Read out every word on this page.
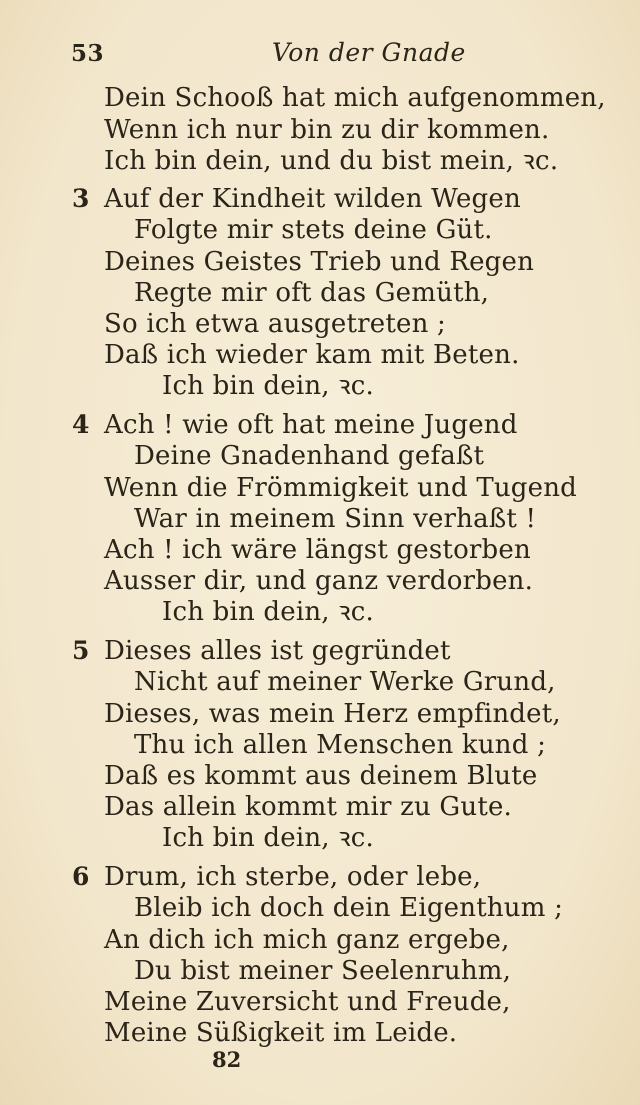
53	Von der Gnade
Dein Schooß hat mich aufgenommen,
Wenn ich nur bin zu dir kommen.
Ich bin dein, und du bist mein, ꝛc.
3 Auf der Kindheit wilden Wegen
Folgte mir stets deine Güt.
Deines Geistes Trieb und Regen
Regte mir oft das Gemüth,
So ich etwa ausgetreten ;
Daß ich wieder kam mit Beten.
Ich bin dein, ꝛc.
4 Ach ! wie oft hat meine Jugend
Deine Gnadenhand gefaßt
Wenn die Frömmigkeit und Tugend
War in meinem Sinn verhaßt !
Ach ! ich wäre längst gestorben
Ausser dir, und ganz verdorben.
Ich bin dein, ꝛc.
5 Dieses alles ist gegründet
Nicht auf meiner Werke Grund,
Dieses, was mein Herz empfindet,
Thu ich allen Menschen kund ;
Daß es kommt aus deinem Blute
Das allein kommt mir zu Gute.
Ich bin dein, ꝛc.
6 Drum, ich sterbe, oder lebe,
Bleib ich doch dein Eigenthum ;
An dich ich mich ganz ergebe,
Du bist meiner Seelenruhm,
Meine Zuversicht und Freude,
Meine Süßigkeit im Leide.
82
